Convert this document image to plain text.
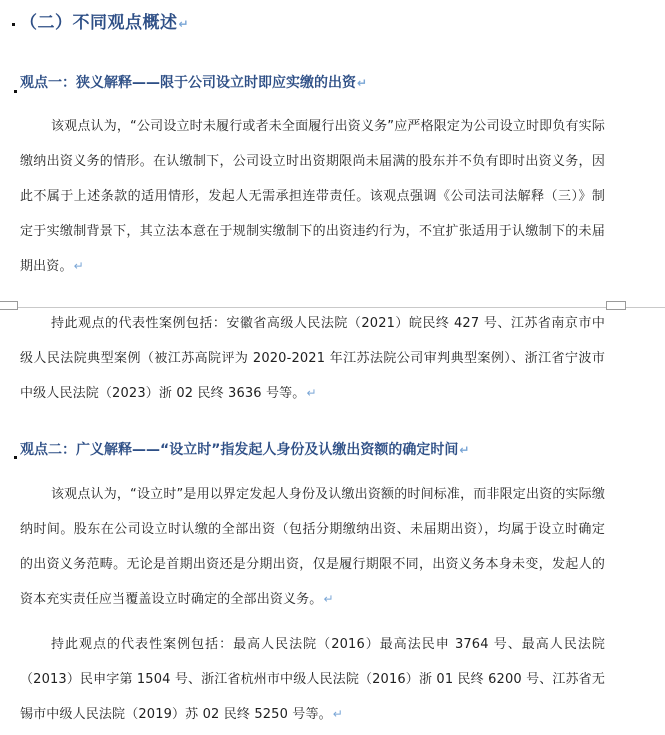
（二）不同观点概述↵
观点一：狭义解释——限于公司设立时即应实缴的出资↵
该观点认为，“公司设立时未履行或者未全面履行出资义务”应严格限定为公司设立时即负有实际缴纳出资义务的情形。在认缴制下，公司设立时出资期限尚未届满的股东并不负有即时出资义务，因此不属于上述条款的适用情形，发起人无需承担连带责任。该观点强调《公司法司法解释（三）》制定于实缴制背景下，其立法本意在于规制实缴制下的出资违约行为，不宜扩张适用于认缴制下的未届期出资。↵
持此观点的代表性案例包括：安徽省高级人民法院（2021）皖民终 427 号、江苏省南京市中级人民法院典型案例（被江苏高院评为 2020-2021 年江苏法院公司审判典型案例）、浙江省宁波市中级人民法院（2023）浙 02 民终 3636 号等。↵
观点二：广义解释——“设立时”指发起人身份及认缴出资额的确定时间↵
该观点认为，“设立时”是用以界定发起人身份及认缴出资额的时间标准，而非限定出资的实际缴纳时间。股东在公司设立时认缴的全部出资（包括分期缴纳出资、未届期出资），均属于设立时确定的出资义务范畴。无论是首期出资还是分期出资，仅是履行期限不同，出资义务本身未变，发起人的资本充实责任应当覆盖设立时确定的全部出资义务。↵
持此观点的代表性案例包括：最高人民法院（2016）最高法民申 3764 号、最高人民法院（2013）民申字第 1504 号、浙江省杭州市中级人民法院（2016）浙 01 民终 6200 号、江苏省无锡市中级人民法院（2019）苏 02 民终 5250 号等。↵
